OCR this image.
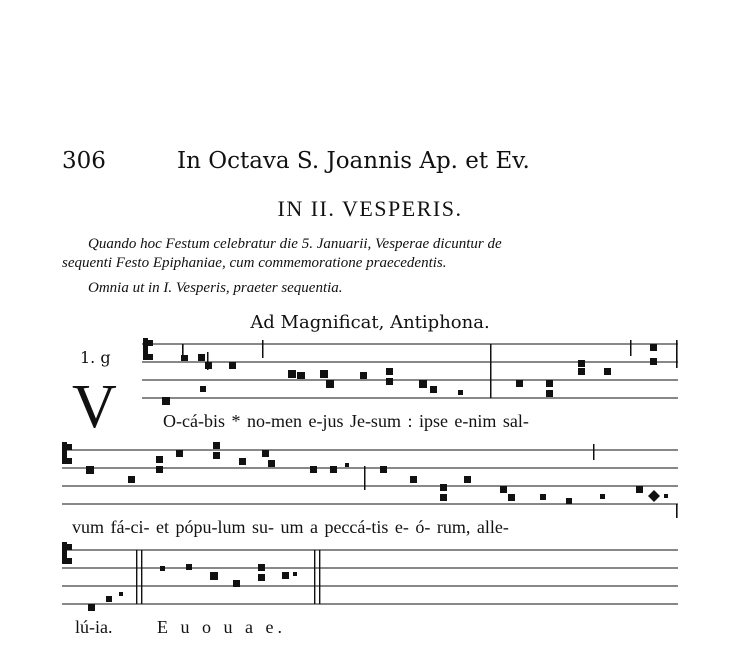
306	In Octava S. Joannis Ap. et Ev.
IN II. VESPERIS.
Quando hoc Festum celebratur die 5. Januarii, Vesperae dicuntur de
sequenti Festo Epiphaniae, cum commemoratione praecedentis.
Omnia ut in I. Vesperis, praeter sequentia.
Ad Magnificat, Antiphona.
1. g
V	O-cá-bis * no-men e-jus Je-sum : ipse e-nim sal-
vum fá-ci- et pópu-lum su- um a peccá-tis e- ó- rum, alle-
lú-ia. E u o u a e.
